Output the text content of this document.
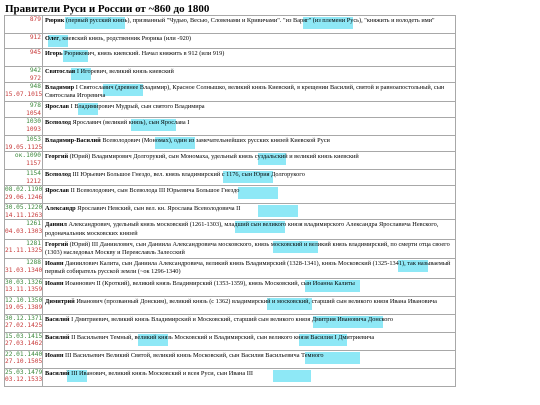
Правители Руси и России от ~860 до 1800
879	Рюрик (первый русский князь), призванный "Чудью, Весью, Словенами и Кривичами". "из Варяг" (из племени Русь), "княжить и володеть ими"

912	Олег, киевский князь, родственник Рюрика (или -920)

945	Игорь Рюрикович, князь киевский. Начал княжить в 912 (или 919)

942
972	Святослав I Игоревич, великий князь киевский

948
15.07.1015	Владимир I Святославич (древнее Владимир), Красное Солнышко, великий князь Киевский, в крещении Василий, святой и равноапостольный, сын Святослава Игоревича

978
1054	Ярослав I Владимирович Мудрый, сын святого Владимира

1030
1093	Всеволод Ярославич (великий князь), сын Ярослава I

1053
19.05.1125	Владимир-Василий Всеволодович (Мономах), один из замечательнейших русских князей Киевской Руси

ок.1090
1157	Георгий (Юрий) Владимирович Долгорукий, сын Мономаха, удельный князь суздальский и великий князь киевский

1154
1212	Всеволод III Юрьевич Большое Гнездо, вел. князь владимирский с 1176, сын Юрия Долгорукого

08.02.1190
29.06.1246	Ярослав II Всеволодович, сын Всеволода III Юрьевича Большое Гнездо

30.05.1220
14.11.1263	Александр Ярославич Невский, сын вел. кн. Ярослава Всеволодовича II

1261
04.03.1303	Даниил Александрович, удельный князь московский (1261-1303), младший сын великого князя владимирского Александра Ярославича Невского, родоначальник московских князей

1281
21.11.1325	Георгий (Юрий) III Даниилович, сын Даниила Александровича московского, князь московский и великий князь владимирский, по смерти отца своего (1303) наследовал Москву и Переяславль Залесский

1288
31.03.1340	Иоанн Даниилович Калита, сын Даниила Александровича, великий князь Владимирский (1328-1341), князь Московский (1325-1341), так называемый первый собиратель русской земли (~ок 1296-1340)

30.03.1326
13.11.1359	Иоанн Иоаннович II (Кроткий), великий князь Владимирский (1353-1359), князь Московский, сын Иоанна Калиты

12.10.1350
19.05.1389	Димитрий Иванович (прозванный Донским), великий князь (с 1362) владимирский и московский, старший сын великого князя Ивана Ивановича

30.12.1371
27.02.1425	Василий I Дмитриевич, великий князь Владимирский и Московский, старший сын великого князя Дмитрия Ивановича Донского

15.03.1415
27.03.1462	Василий II Васильевич Темный, великий князь Московский и Владимирский, сын великого князя Василия I Дмитриевича

22.01.1440
27.10.1505	Иоанн III Васильевич Великий Святой, великий князь Московский, сын Василия Васильевича Темного

25.03.1479
03.12.1533	Василий III Иванович, великий князь Московский и всея Руси, сын Ивана III
